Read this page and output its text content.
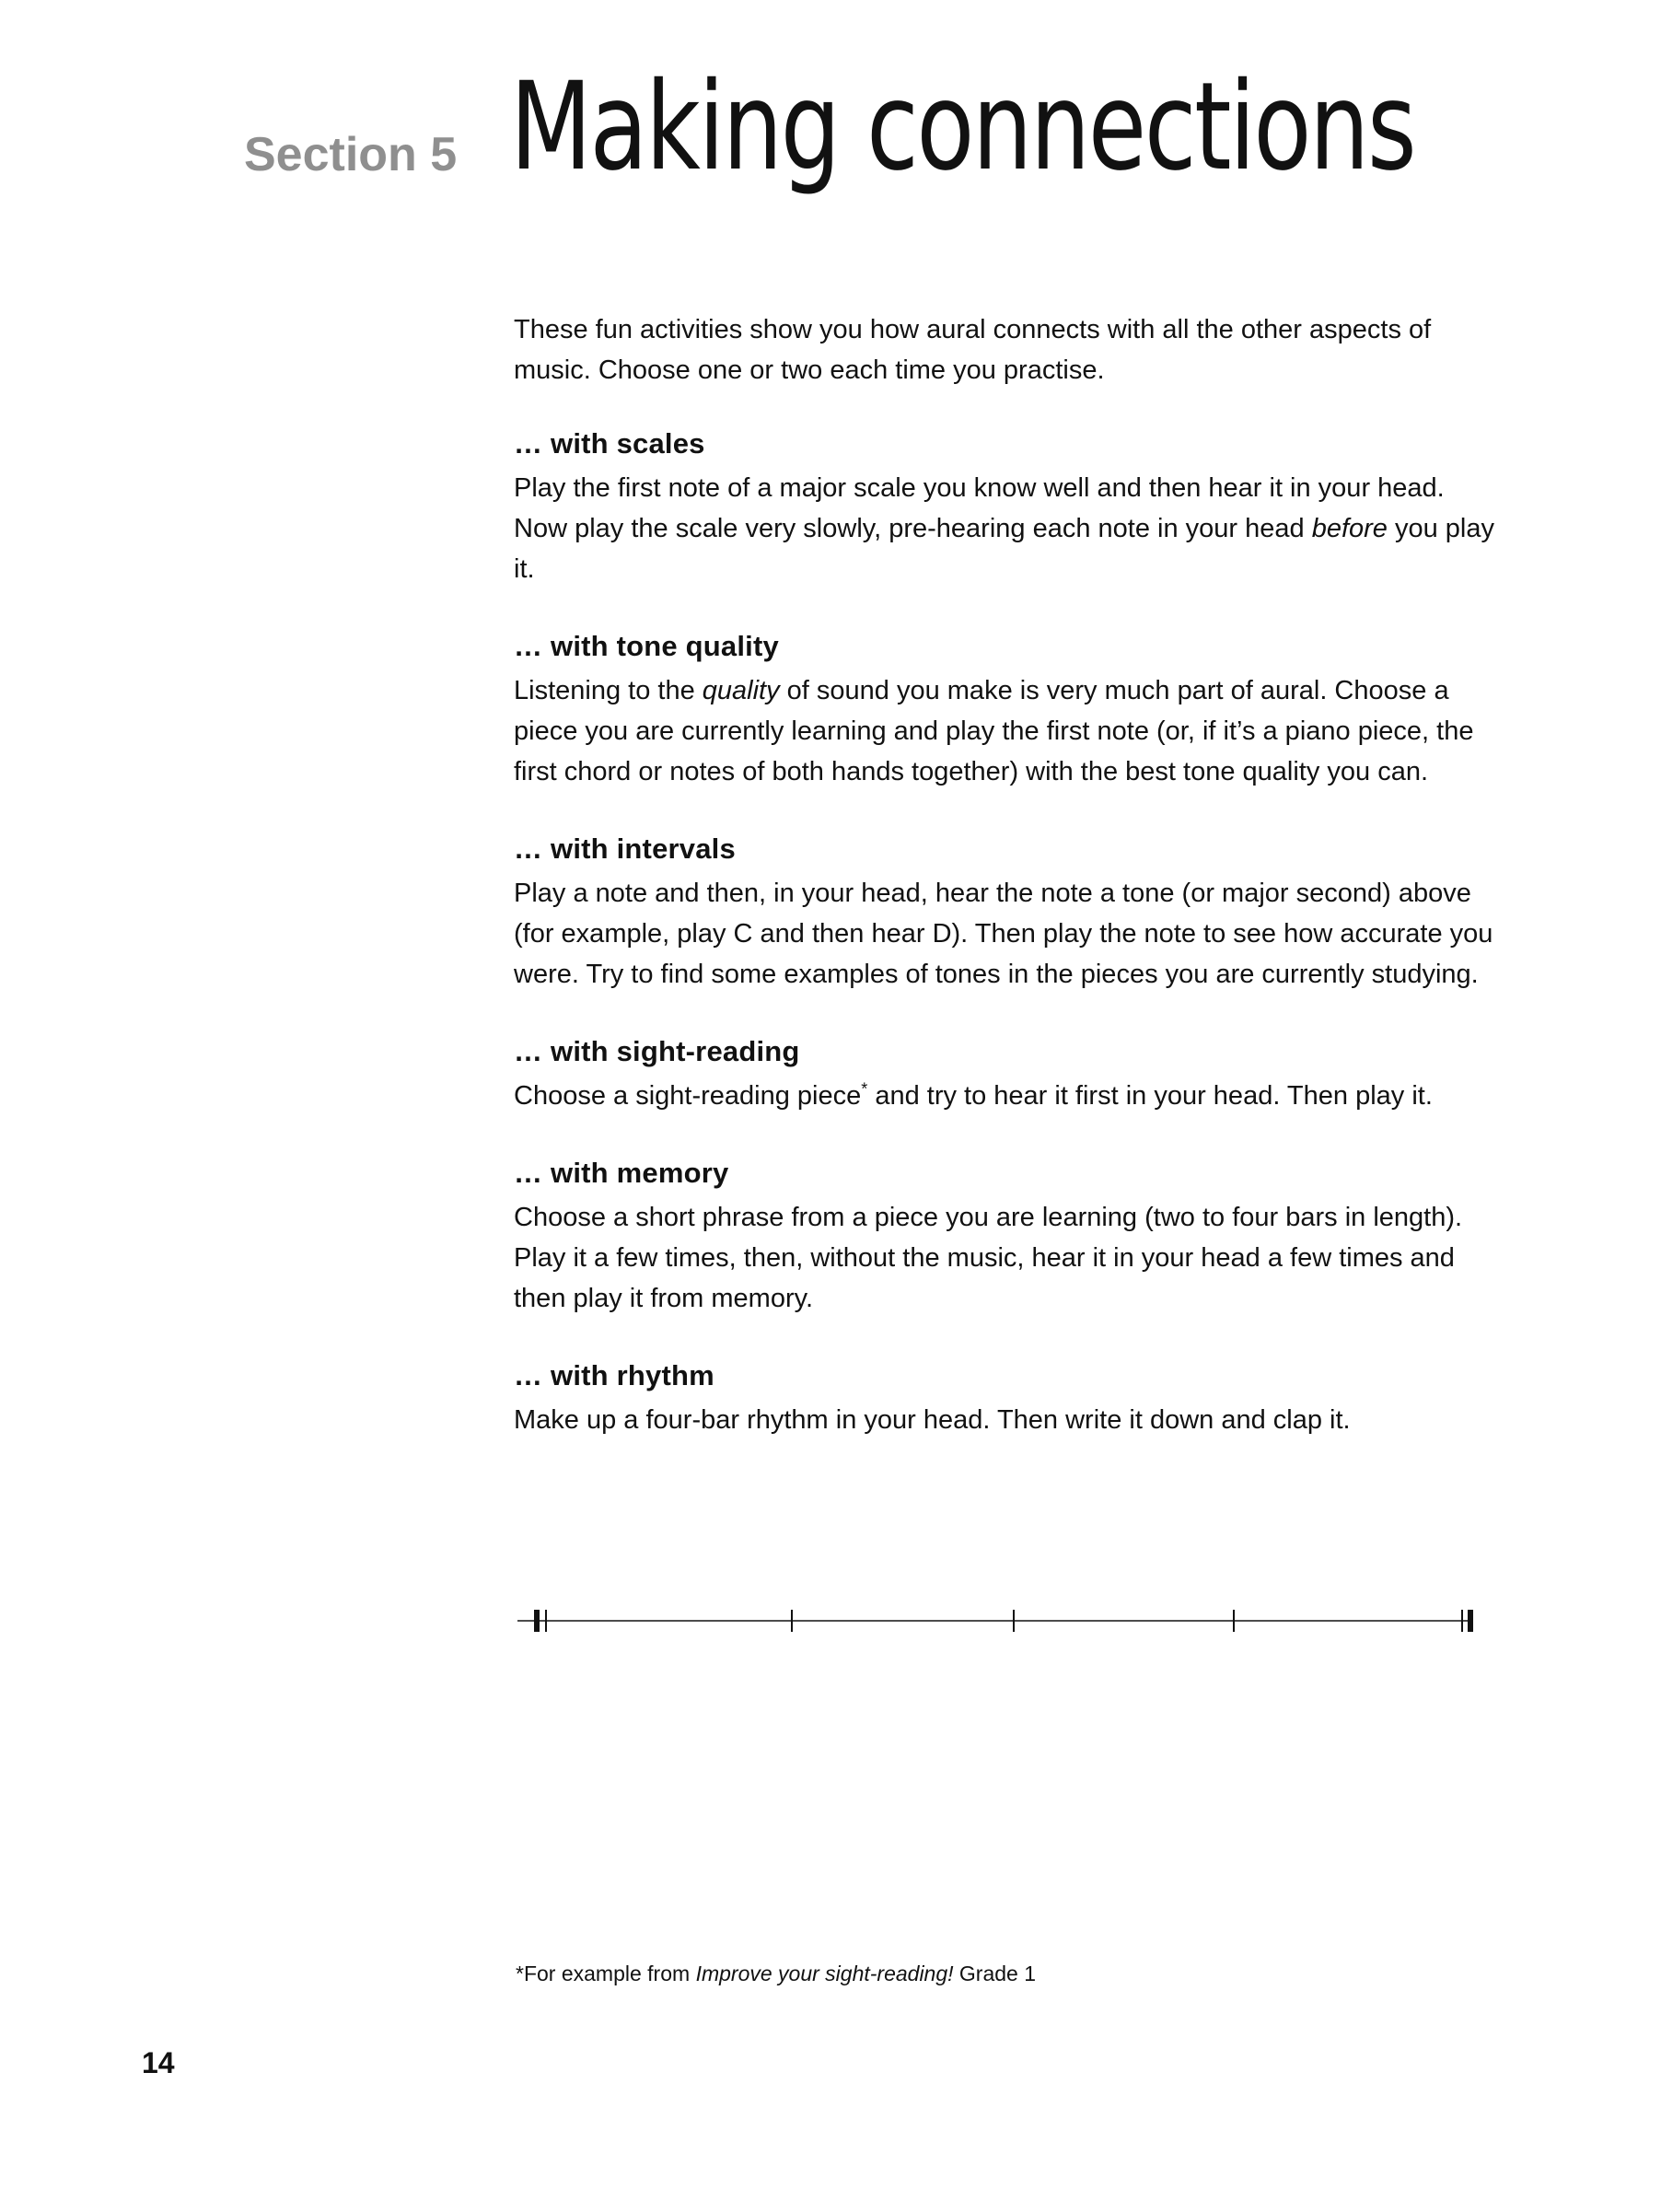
Section 5 Making connections

These fun activities show you how aural connects with all the other aspects of music. Choose one or two each time you practise.

… with scales

Play the first note of a major scale you know well and then hear it in your head. Now play the scale very slowly, pre-hearing each note in your head before you play it.

… with tone quality

Listening to the quality of sound you make is very much part of aural. Choose a piece you are currently learning and play the first note (or, if it’s a piano piece, the first chord or notes of both hands together) with the best tone quality you can.

… with intervals

Play a note and then, in your head, hear the note a tone (or major second) above (for example, play C and then hear D). Then play the note to see how accurate you were. Try to find some examples of tones in the pieces you are currently studying.

… with sight-reading

Choose a sight-reading piece* and try to hear it first in your head. Then play it.

… with memory

Choose a short phrase from a piece you are learning (two to four bars in length). Play it a few times, then, without the music, hear it in your head a few times and then play it from memory.

… with rhythm

Make up a four-bar rhythm in your head. Then write it down and clap it.

*For example from Improve your sight-reading! Grade 1
14
